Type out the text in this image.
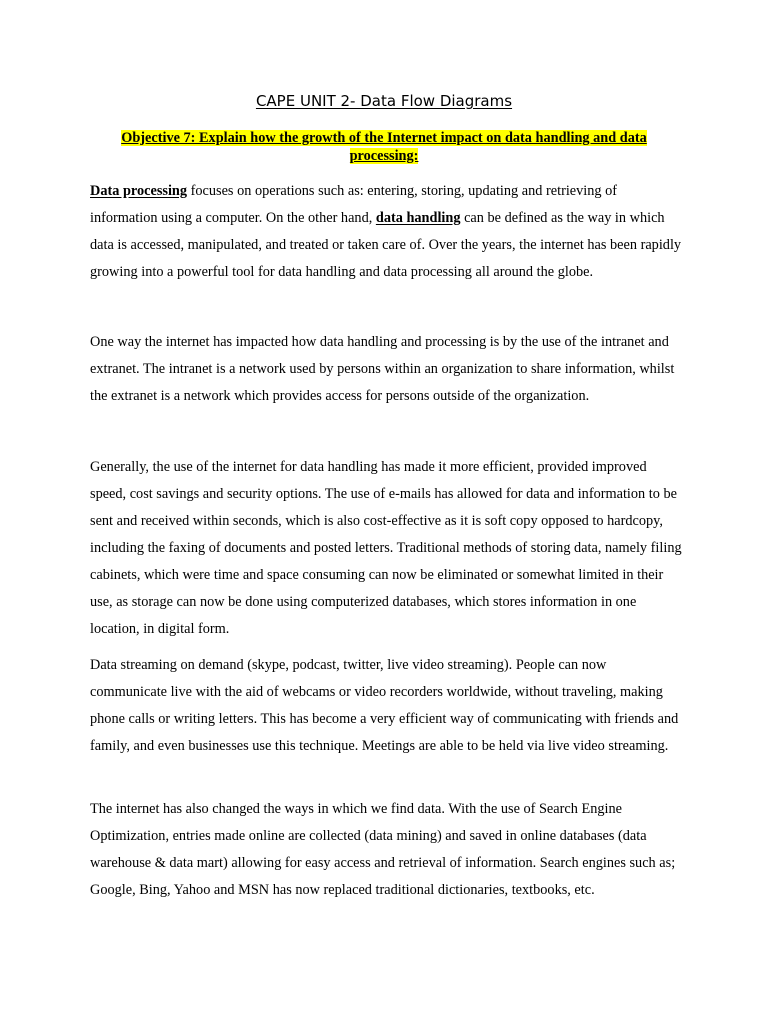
CAPE UNIT 2- Data Flow Diagrams
Objective 7: Explain how the growth of the Internet impact on data handling and data processing:
Data processing focuses on operations such as: entering, storing, updating and retrieving of information using a computer. On the other hand, data handling can be defined as the way in which data is accessed, manipulated, and treated or taken care of. Over the years, the internet has been rapidly growing into a powerful tool for data handling and data processing all around the globe.
One way the internet has impacted how data handling and processing is by the use of the intranet and extranet. The intranet is a network used by persons within an organization to share information, whilst the extranet is a network which provides access for persons outside of the organization.
Generally, the use of the internet for data handling has made it more efficient, provided improved speed, cost savings and security options. The use of e-mails has allowed for data and information to be sent and received within seconds, which is also cost-effective as it is soft copy opposed to hardcopy, including the faxing of documents and posted letters. Traditional methods of storing data, namely filing cabinets, which were time and space consuming can now be eliminated or somewhat limited in their use, as storage can now be done using computerized databases, which stores information in one location, in digital form.
Data streaming on demand (skype, podcast, twitter, live video streaming). People can now communicate live with the aid of webcams or video recorders worldwide, without traveling, making phone calls or writing letters. This has become a very efficient way of communicating with friends and family, and even businesses use this technique. Meetings are able to be held via live video streaming.
The internet has also changed the ways in which we find data. With the use of Search Engine Optimization, entries made online are collected (data mining) and saved in online databases (data warehouse & data mart) allowing for easy access and retrieval of information. Search engines such as; Google, Bing, Yahoo and MSN has now replaced traditional dictionaries, textbooks, etc.
